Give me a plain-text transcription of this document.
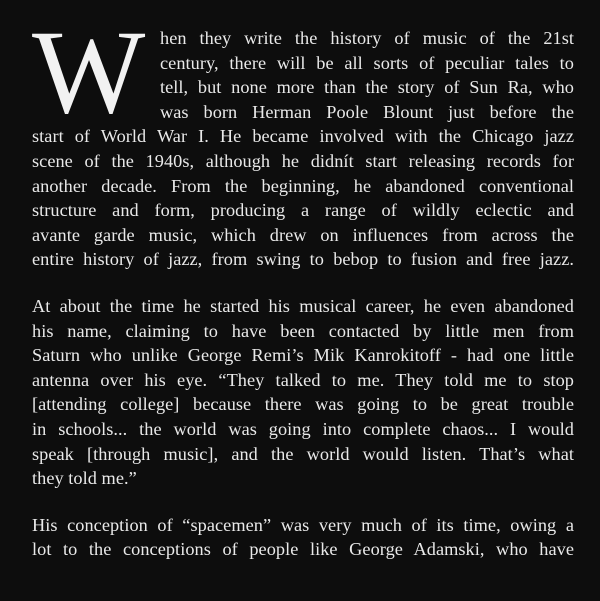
W hen they write the history of music of the 21st
century, there will be all sorts of peculiar tales to
tell, but none more than the story of Sun Ra, who
was born Herman Poole Blount just before the
start of World War I. He became involved with the Chicago jazz
scene of the 1940s, although he didnít start releasing records for
another decade. From the beginning, he abandoned conventional
structure and form, producing a range of wildly eclectic and
avante garde music, which drew on influences from across the
entire history of jazz, from swing to bebop to fusion and free jazz.
At about the time he started his musical career, he even abandoned
his name, claiming to have been contacted by little men from
Saturn who unlike George Remi’s Mik Kanrokitoff - had one little
antenna over his eye. “They talked to me. They told me to stop
[attending college] because there was going to be great trouble
in schools... the world was going into complete chaos... I would
speak [through music], and the world would listen. That’s what
they told me.”
His conception of “spacemen” was very much of its time, owing a
lot to the conceptions of people like George Adamski, who have
